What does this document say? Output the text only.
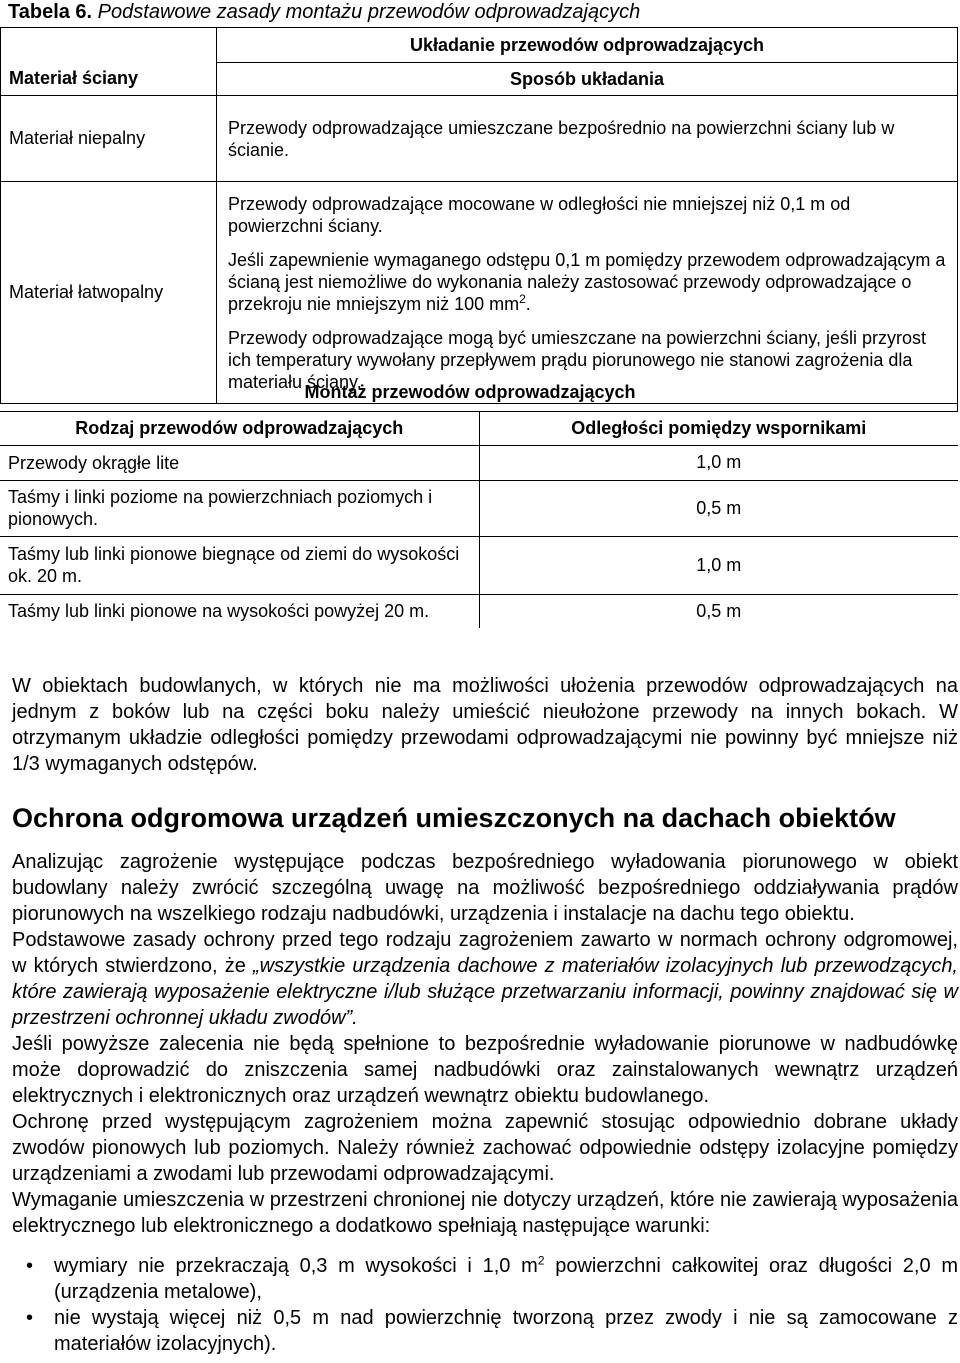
Tabela 6. Podstawowe zasady montażu przewodów odprowadzających
	Układanie przewodów odprowadzających
Materiał ściany	Sposób układania
Materiał niepalny	Przewody odprowadzające umieszczane bezpośrednio na powierzchni ściany lub w ścianie.

Materiał łatwopalny	Przewody odprowadzające mocowane w odległości nie mniejszej niż 0,1 m od powierzchni ściany.

Jeśli zapewnienie wymaganego odstępu 0,1 m pomiędzy przewodem odprowadzającym a ścianą jest niemożliwe do wykonania należy zastosować przewody odprowadzające o przekroju nie mniejszym niż 100 $mm^2$.

Przewody odprowadzające mogą być umieszczane na powierzchni ściany, jeśli przyrost ich temperatury wywołany przepływem prądu piorunowego nie stanowi zagrożenia dla materiału ściany.

Montaż przewodów odprowadzających	
Rodzaj przewodów odprowadzających	Odległości pomiędzy wspornikami
Przewody okrągłe lite	1,0 m
Taśmy i linki poziome na powierzchniach poziomych i pionowych.	0,5 m
Taśmy lub linki pionowe biegnące od ziemi do wysokości ok. 20 m.	1,0 m
Taśmy lub linki pionowe na wysokości powyżej 20 m.	0,5 m

W obiektach budowlanych, w których nie ma możliwości ułożenia przewodów odprowadzających na jednym z boków lub na części boku należy umieścić nieułożone przewody na innych bokach. W otrzymanym układzie odległości pomiędzy przewodami odprowadzającymi nie powinny być mniejsze niż 1/3 wymaganych odstępów.

Ochrona odgromowa urządzeń umieszczonych na dachach obiektów

Analizując zagrożenie występujące podczas bezpośredniego wyładowania piorunowego w obiekt budowlany należy zwrócić szczególną uwagę na możliwość bezpośredniego oddziaływania prądów piorunowych na wszelkiego rodzaju nadbudówki, urządzenia i instalacje na dachu tego obiektu.

Podstawowe zasady ochrony przed tego rodzaju zagrożeniem zawarto w normach ochrony odgromowej, w których stwierdzono, że „wszystkie urządzenia dachowe z materiałów izolacyjnych lub przewodzących, które zawierają wyposażenie elektryczne i/lub służące przetwarzaniu informacji, powinny znajdować się w przestrzeni ochronnej układu zwodów”.

Jeśli powyższe zalecenia nie będą spełnione to bezpośrednie wyładowanie piorunowe w nadbudówkę może doprowadzić do zniszczenia samej nadbudówki oraz zainstalowanych wewnątrz urządzeń elektrycznych i elektronicznych oraz urządzeń wewnątrz obiektu budowlanego.

Ochronę przed występującym zagrożeniem można zapewnić stosując odpowiednio dobrane układy zwodów pionowych lub poziomych. Należy również zachować odpowiednie odstępy izolacyjne pomiędzy urządzeniami a zwodami lub przewodami odprowadzającymi.

Wymaganie umieszczenia w przestrzeni chronionej nie dotyczy urządzeń, które nie zawierają wyposażenia elektrycznego lub elektronicznego a dodatkowo spełniają następujące warunki:

• wymiary nie przekraczają 0,3 m wysokości i 1,0 $m^2$ powierzchni całkowitej oraz długości 2,0 m (urządzenia metalowe),
• nie wystają więcej niż 0,5 m nad powierzchnię tworzoną przez zwody i nie są zamocowane z materiałów izolacyjnych).
